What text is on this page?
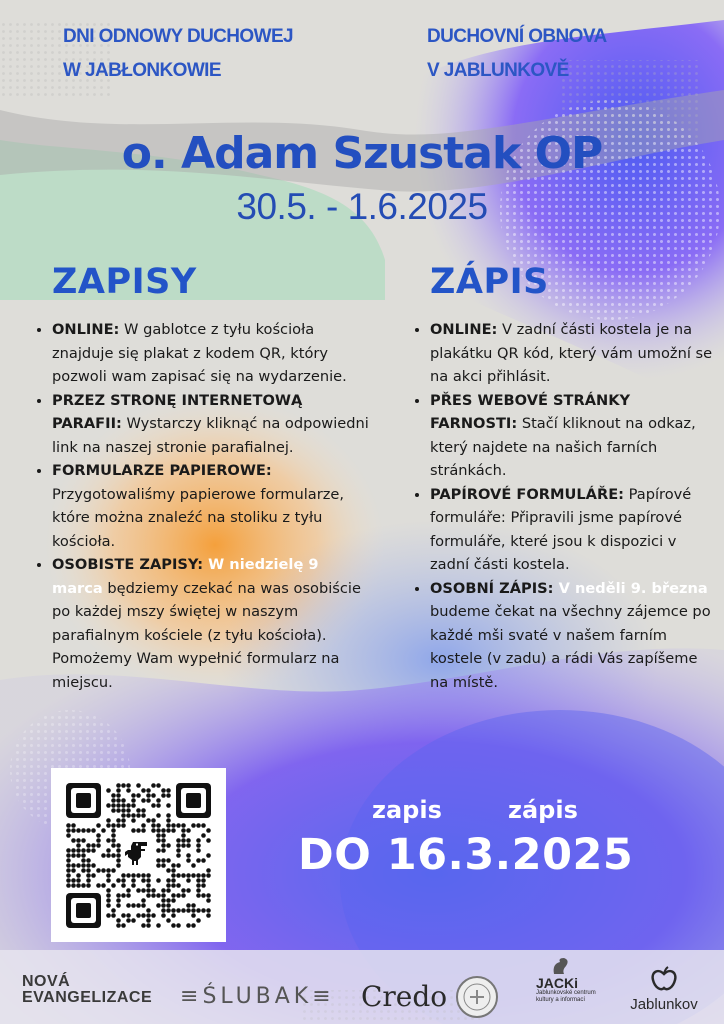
DNI ODNOWY DUCHOWEJ
W JABŁONKOWIE
DUCHOVNÍ OBNOVA
V JABLUNKOVĚ
o. Adam Szustak OP
30.5. - 1.6.2025
ZAPISY	ZÁPIS
• ONLINE: W gablotce z tyłu kościoła znajduje się plakat z kodem QR, który pozwoli wam zapisać się na wydarzenie.
• PRZEZ STRONĘ INTERNETOWĄ PARAFII: Wystarczy kliknąć na odpowiedni link na naszej stronie parafialnej.
• FORMULARZE PAPIEROWE: Przygotowaliśmy papierowe formularze, które można znaleźć na stoliku z tyłu kościoła.
• OSOBISTE ZAPISY: W niedzielę 9 marca będziemy czekać na was osobiście po każdej mszy świętej w naszym parafialnym kościele (z tyłu kościoła). Pomożemy Wam wypełnić formularz na miejscu.
• ONLINE: V zadní části kostela je na plakátku QR kód, který vám umožní se na akci přihlásit.
• PŘES WEBOVÉ STRÁNKY FARNOSTI: Stačí kliknout na odkaz, který najdete na našich farních stránkách.
• PAPÍROVÉ FORMULÁŘE: Papírové formuláře: Připravili jsme papírové formuláře, které jsou k dispozici v zadní části kostela.
• OSOBNÍ ZÁPIS: V neděli 9. března budeme čekat na všechny zájemce po každé mši svaté v našem farním kostele (v zadu) a rádi Vás zapíšeme na místě.
zapis	zápis
DO 16.3.2025
NOVÁ
EVANGELIZACE ≡ŚLUBAK≡ Credo	JACKi
Jablunkovské centrum
kultury a informací	Jablunkov
